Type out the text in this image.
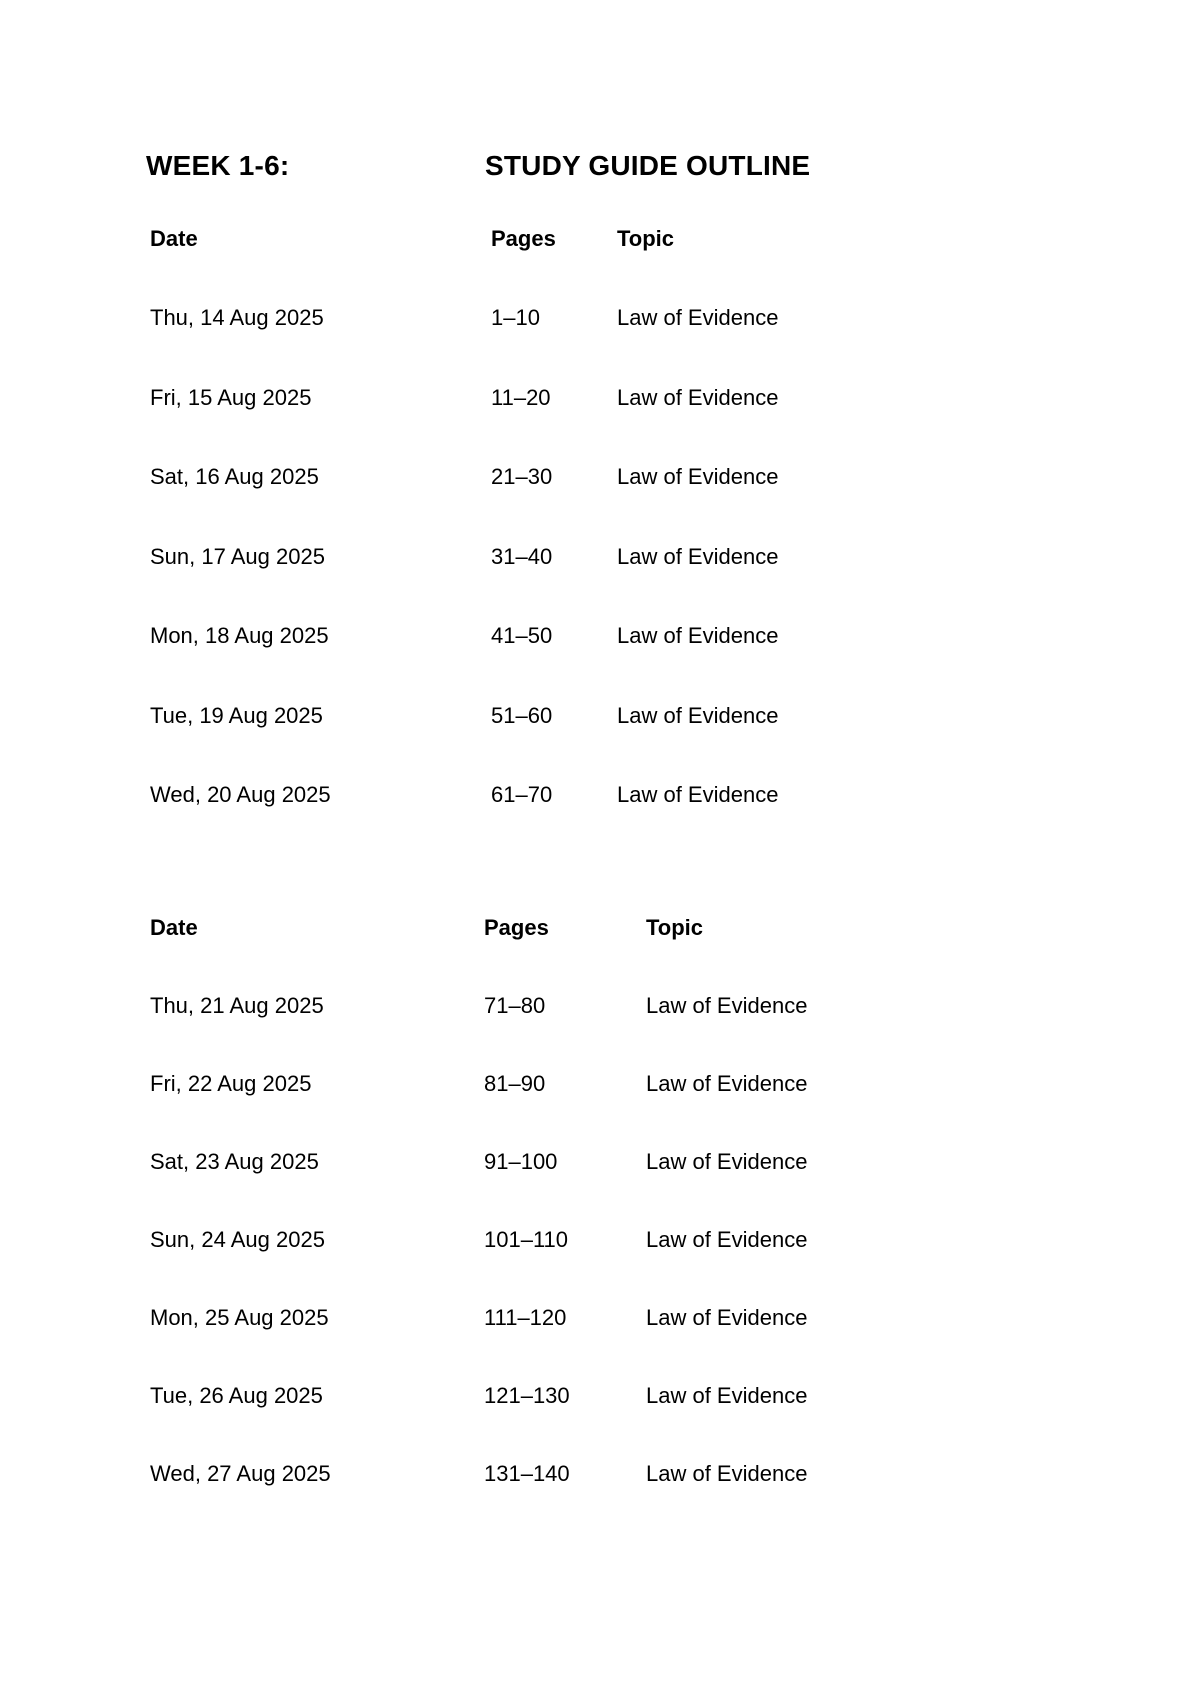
WEEK 1-6:	STUDY GUIDE OUTLINE
Date	Pages	Topic
Thu, 14 Aug 2025	1–10	Law of Evidence
Fri, 15 Aug 2025	11–20	Law of Evidence
Sat, 16 Aug 2025	21–30	Law of Evidence
Sun, 17 Aug 2025	31–40	Law of Evidence
Mon, 18 Aug 2025	41–50	Law of Evidence
Tue, 19 Aug 2025	51–60	Law of Evidence
Wed, 20 Aug 2025	61–70	Law of Evidence
Date	Pages	Topic
Thu, 21 Aug 2025	71–80	Law of Evidence
Fri, 22 Aug 2025	81–90	Law of Evidence
Sat, 23 Aug 2025	91–100	Law of Evidence
Sun, 24 Aug 2025	101–110	Law of Evidence
Mon, 25 Aug 2025	111–120	Law of Evidence
Tue, 26 Aug 2025	121–130	Law of Evidence
Wed, 27 Aug 2025	131–140	Law of Evidence
